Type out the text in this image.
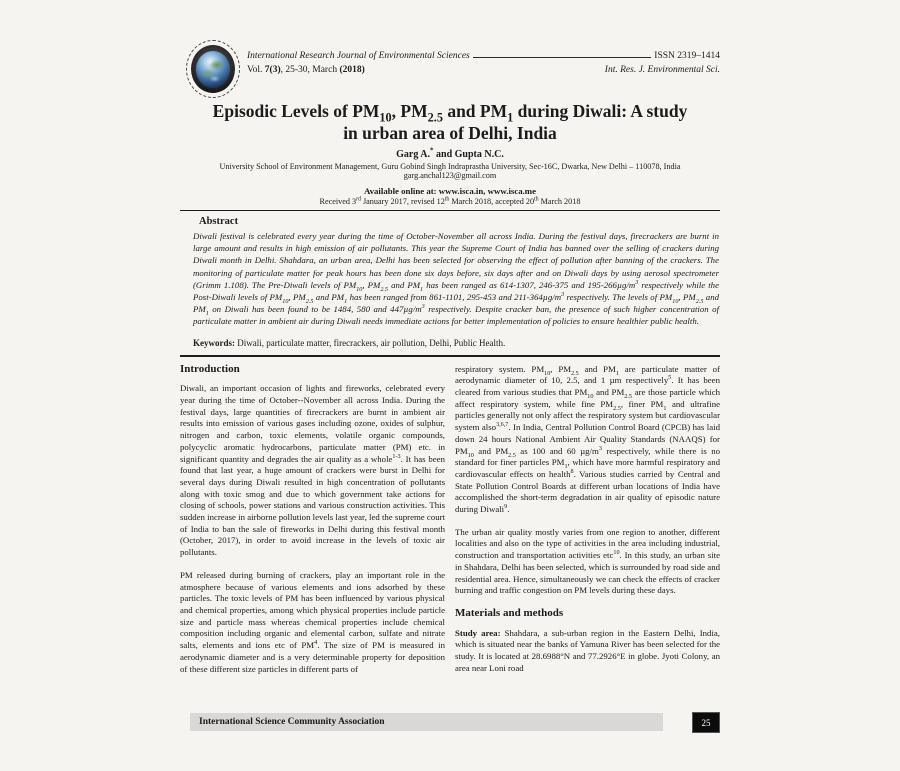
International Research Journal of Environmental Sciences	ISSN 2319–1414
Vol. 7(3), 25-30, March (2018)	Int. Res. J. Environmental Sci.
Episodic Levels of $PM_{10}$, $PM_{2.5}$ and $PM_1$ during Diwali: A study in urban area of Delhi, India
Garg A.* and Gupta N.C.
University School of Environment Management, Guru Gobind Singh Indraprastha University, Sec-16C, Dwarka, New Delhi – 110078, India
garg.anchal123@gmail.com
Available online at: www.isca.in, www.isca.me
Received 3rd January 2017, revised 12th March 2018, accepted 20th March 2018
Abstract
Diwali festival is celebrated every year during the time of October-November all across India. During the festival days, firecrackers are burnt in large amount and results in high emission of air pollutants. This year the Supreme Court of India has banned over the selling of crackers during Diwali month in Delhi. Shahdara, an urban area, Delhi has been selected for observing the effect of pollution after banning of the crackers. The monitoring of particulate matter for peak hours has been done six days before, six days after and on Diwali days by using aerosol spectrometer (Grimm 1.108). The Pre-Diwali levels of $PM_{10}$, $PM_{2.5}$ and $PM_1$ has been ranged as 614-1307, 246-375 and $195-266\mu g/m^3$ respectively while the Post-Diwali levels of $PM_{10}$, $PM_{2.5}$ and $PM_1$ has been ranged from 861-1101, 295-453 and $211-364\mu g/m^3$ respectively. The levels of $PM_{10}$, $PM_{2.5}$ and $PM_1$ on Diwali has been found to be 1484, 580 and $447\mu g/m^3$ respectively. Despite cracker ban, the presence of such higher concentration of particulate matter in ambient air during Diwali needs immediate actions for better implementation of policies to ensure healthier public health.
Keywords: Diwali, particulate matter, firecrackers, air pollution, Delhi, Public Health.
Introduction

Diwali, an important occasion of lights and fireworks, celebrated every year during the time of October--November all across India. During the festival days, large quantities of firecrackers are burnt in ambient air results into emission of various gases including ozone, oxides of sulphur, nitrogen and carbon, toxic elements, volatile organic compounds, polycyclic aromatic hydrocarbons, particulate matter (PM) etc. in significant quantity and degrades the air quality as a whole$^{1-3}$. It has been found that last year, a huge amount of crackers were burst in Delhi for several days during Diwali resulted in high concentration of pollutants along with toxic smog and due to which government take actions for closing of schools, power stations and various construction activities. This sudden increase in airborne pollution levels last year, led the supreme court of India to ban the sale of fireworks in Delhi during this festival month (October, 2017), in order to avoid increase in the levels of toxic air pollutants.

PM released during burning of crackers, play an important role in the atmosphere because of various elements and ions adsorbed by these particles. The toxic levels of PM has been influenced by various physical and chemical properties, among which physical properties include particle size and particle mass whereas chemical properties include chemical composition including organic and elemental carbon, sulfate and nitrate salts, elements and ions etc of $PM^4$. The size of PM is measured in aerodynamic diameter and is a very determinable property for deposition of these different size particles in different parts of

respiratory system. $PM_{10}$, $PM_{2.5}$ and $PM_1$ are particulate matter of aerodynamic diameter of 10, 2.5, and 1 µm respectively$^5$. It has been cleared from various studies that $PM_{10}$ and $PM_{2.5}$ are those particle which affect respiratory system, while fine $PM_{2.5}$, finer $PM_1$ and ultrafine particles generally not only affect the respiratory system but cardiovascular system also$^{3,6,7}$. In India, Central Pollution Control Board (CPCB) has laid down 24 hours National Ambient Air Quality Standards (NAAQS) for $PM_{10}$ and $PM_{2.5}$ as 100 and 60 $\mu g/m^3$ respectively, while there is no standard for finer particles $PM_1$, which have more harmful respiratory and cardiovascular effects on health$^8$. Various studies carried by Central and State Pollution Control Boards at different urban locations of India have accomplished the short-term degradation in air quality of episodic nature during Diwali$^9$.

The urban air quality mostly varies from one region to another, different localities and also on the type of activities in the area including industrial, construction and transportation activities etc$^{10}$. In this study, an urban site in Shahdara, Delhi has been selected, which is surrounded by road side and residential area. Hence, simultaneously we can check the effects of cracker burning and traffic congestion on PM levels during these days.

Materials and methods

Study area: Shahdara, a sub-urban region in the Eastern Delhi, India, which is situated near the banks of Yamuna River has been selected for the study. It is located at 28.6988°N and 77.2926°E in globe. Jyoti Colony, an area near Loni road

International Science Community Association	25
